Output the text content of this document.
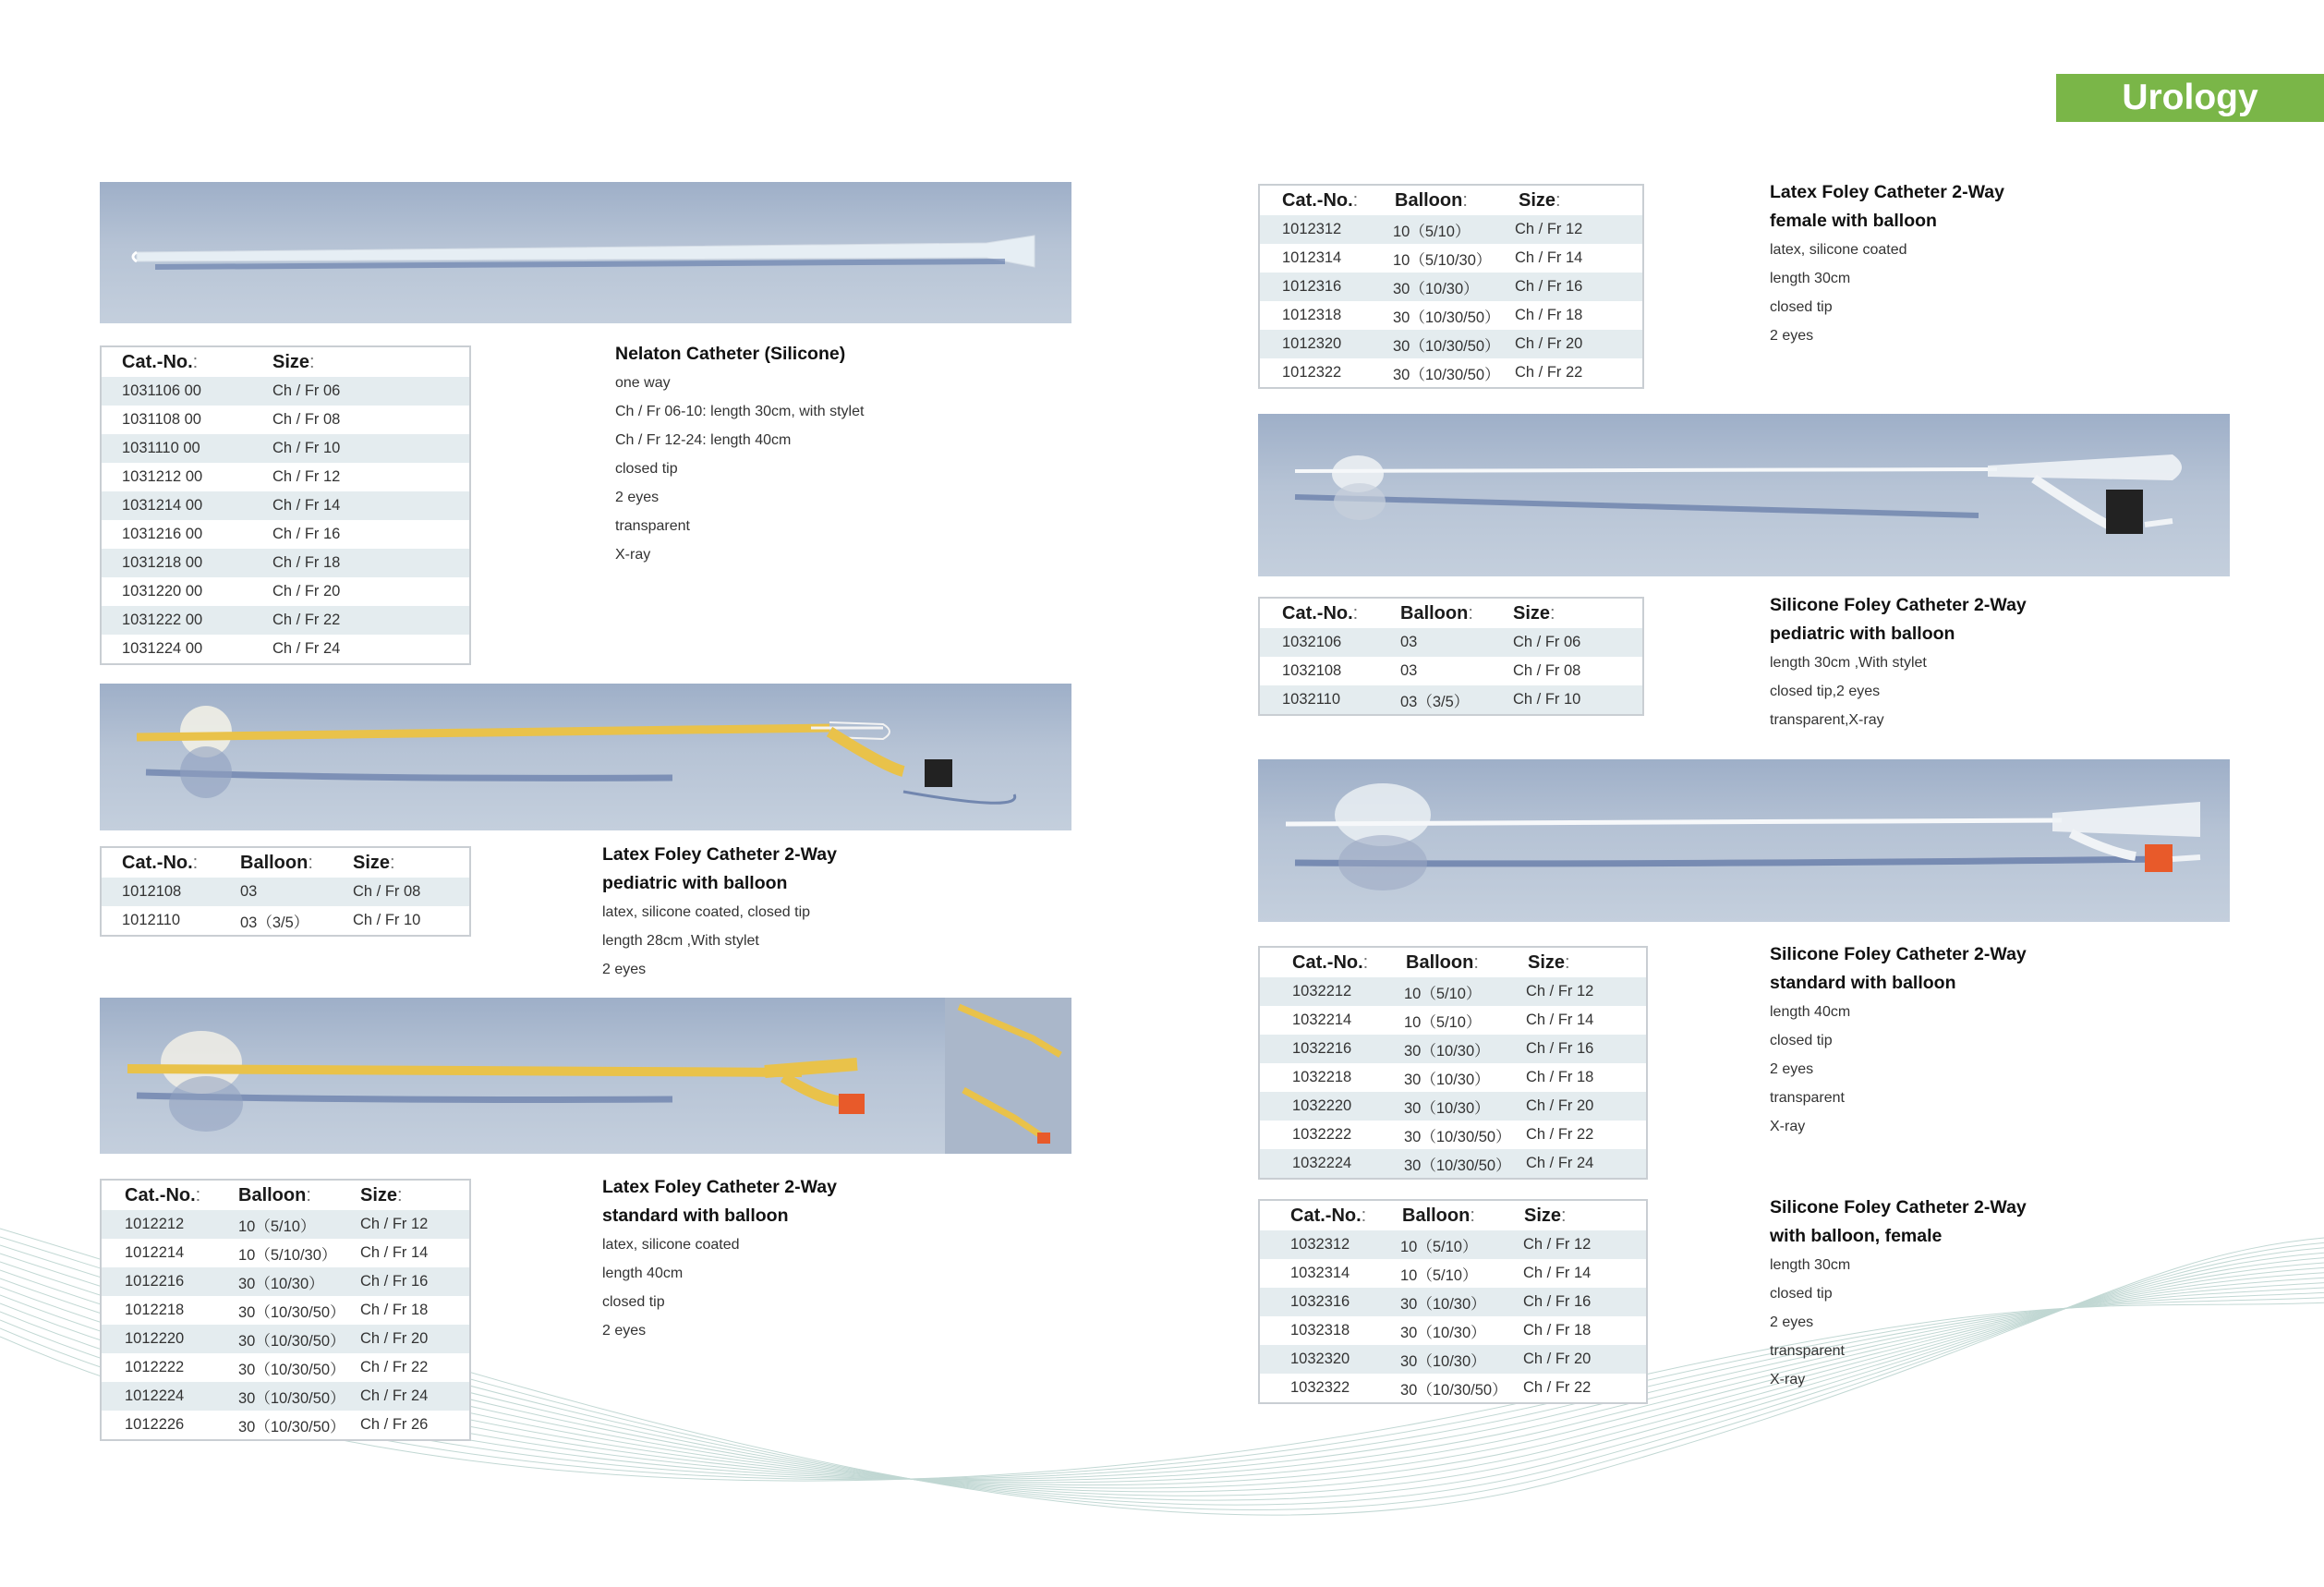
Urology
Cat.-No.:	Size:
1031106 00	Ch / Fr 06
1031108 00	Ch / Fr 08
1031110 00	Ch / Fr 10
1031212 00	Ch / Fr 12
1031214 00	Ch / Fr 14
1031216 00	Ch / Fr 16
1031218 00	Ch / Fr 18
1031220 00	Ch / Fr 20
1031222 00	Ch / Fr 22
1031224 00	Ch / Fr 24
Cat.-No.: Balloon: Size:
1012108	03	Ch / Fr 08
1012110	03（3/5）	Ch / Fr 10
Cat.-No.: Balloon:	Size:
1012212	10（5/10）	Ch / Fr 12
1012214	10（5/10/30） Ch / Fr 14
1012216	30（10/30） Ch / Fr 16
1012218	30（10/30/50） Ch / Fr 18
1012220	30（10/30/50） Ch / Fr 20
1012222	30（10/30/50） Ch / Fr 22
1012224	30（10/30/50） Ch / Fr 24
1012226	30（10/30/50） Ch / Fr 26
Cat.-No.: Balloon:	Size:
1012312	10（5/10）	Ch / Fr 12
1012314	10（5/10/30） Ch / Fr 14
1012316	30（10/30） Ch / Fr 16
1012318	30（10/30/50） Ch / Fr 18
1012320	30（10/30/50） Ch / Fr 20
1012322	30（10/30/50） Ch / Fr 22
Cat.-No.: Balloon: Size:
1032106	03	Ch / Fr 06
1032108	03	Ch / Fr 08
1032110	03（3/5）	Ch / Fr 10
Cat.-No.: Balloon:	Size:
1032212	10（5/10）	Ch / Fr 12
1032214	10（5/10）	Ch / Fr 14
1032216	30（10/30） Ch / Fr 16
1032218	30（10/30） Ch / Fr 18
1032220	30（10/30） Ch / Fr 20
1032222	30（10/30/50） Ch / Fr 22
1032224	30（10/30/50） Ch / Fr 24
Cat.-No.: Balloon:	Size:
1032312	10（5/10）	Ch / Fr 12
1032314	10（5/10）	Ch / Fr 14
1032316	30（10/30） Ch / Fr 16
1032318	30（10/30） Ch / Fr 18
1032320	30（10/30） Ch / Fr 20
1032322	30（10/30/50） Ch / Fr 22
Nelaton Catheter (Silicone)
one way
Ch / Fr 06-10: length 30cm, with stylet
Ch / Fr 12-24: length 40cm
closed tip
2 eyes
transparent
X-ray
Latex Foley Catheter 2-Way
pediatric with balloon
latex, silicone coated, closed tip
length 28cm ,With stylet
2 eyes
Latex Foley Catheter 2-Way
standard with balloon
latex, silicone coated
length 40cm
closed tip
2 eyes
Latex Foley Catheter 2-Way
female with balloon
latex, silicone coated
length 30cm
closed tip
2 eyes
Silicone Foley Catheter 2-Way
pediatric with balloon
length 30cm ,With stylet
closed tip,2 eyes
transparent,X-ray
Silicone Foley Catheter 2-Way
standard with balloon
length 40cm
closed tip
2 eyes
transparent
X-ray
Silicone Foley Catheter 2-Way
with balloon, female
length 30cm
closed tip
2 eyes
transparent
X-ray
